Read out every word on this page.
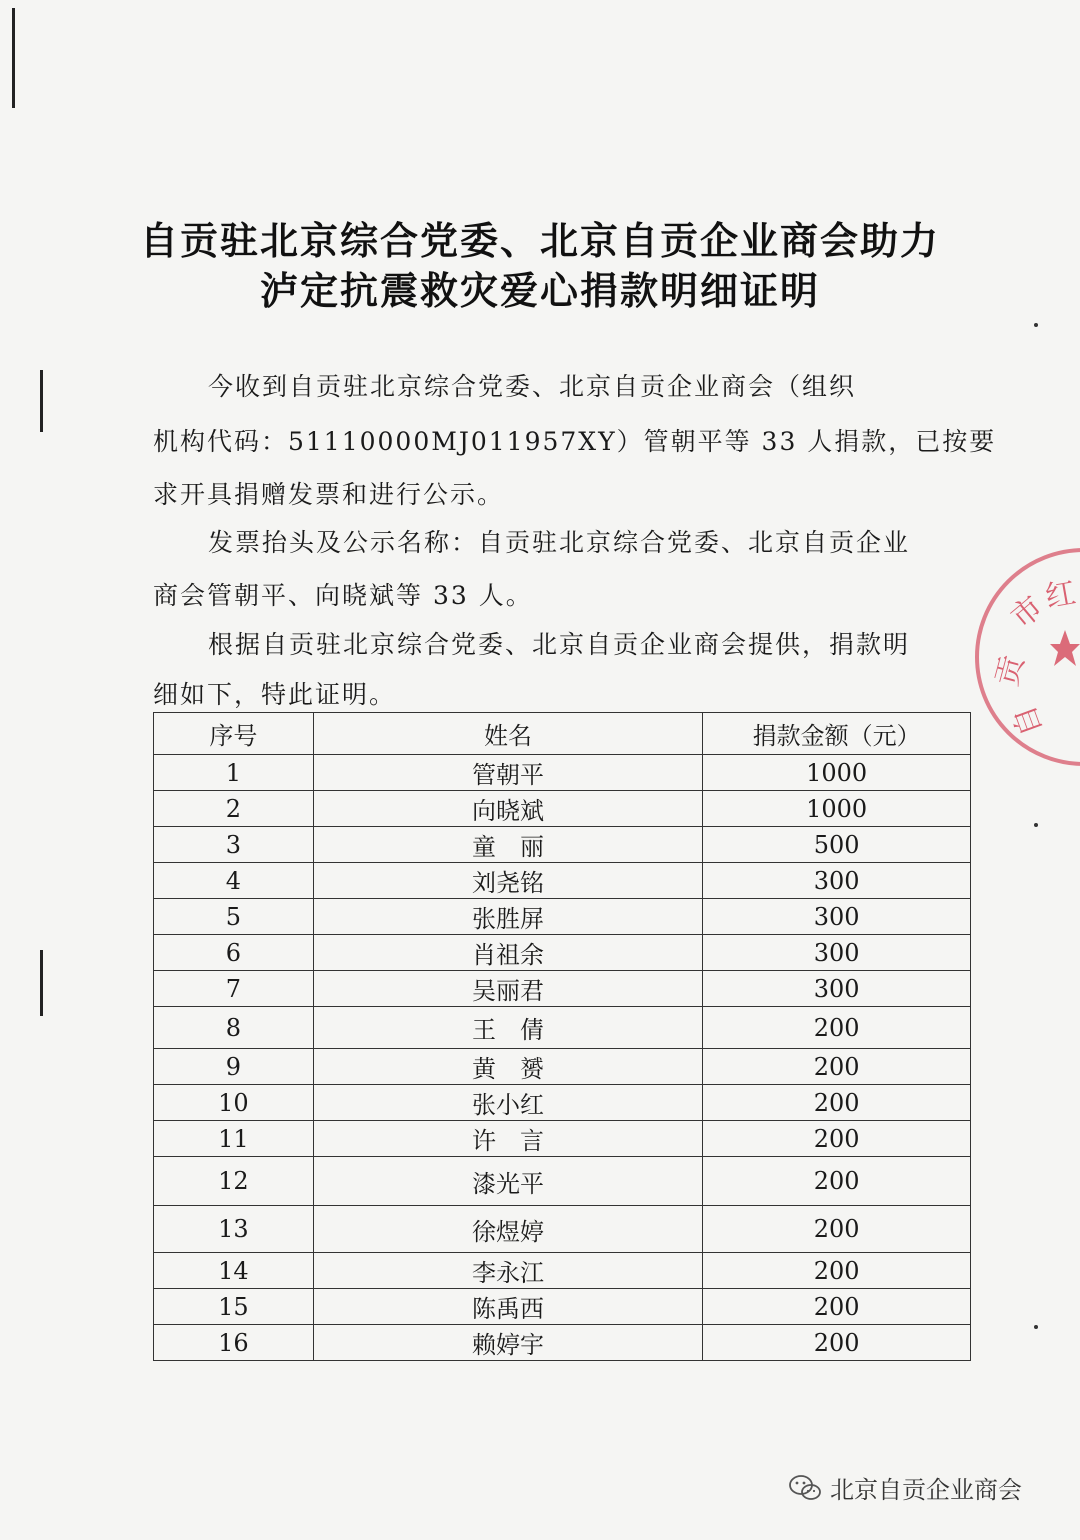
自贡驻北京综合党委、北京自贡企业商会助力
泸定抗震救灾爱心捐款明细证明
今收到自贡驻北京综合党委、北京自贡企业商会（组织
机构代码：51110000MJ011957XY）管朝平等 33 人捐款，已按要
求开具捐赠发票和进行公示。
发票抬头及公示名称：自贡驻北京综合党委、北京自贡企业
商会管朝平、向晓斌等 33 人。
根据自贡驻北京综合党委、北京自贡企业商会提供，捐款明
细如下，特此证明。
序号	姓名	捐款金额（元）
1	管朝平	1000
2	向晓斌	1000
3	童　丽	500
4	刘尧铭	300
5	张胜屏	300
6	肖祖余	300
7	吴丽君	300
8	王　倩	200
9	黄　赟	200
10	张小红	200
11	许　言	200
12	漆光平	200
13	徐煜婷	200
14	李永江	200
15	陈禹西	200
16	赖婷宇	200
市
红
贡
自
北京自贡企业商会
